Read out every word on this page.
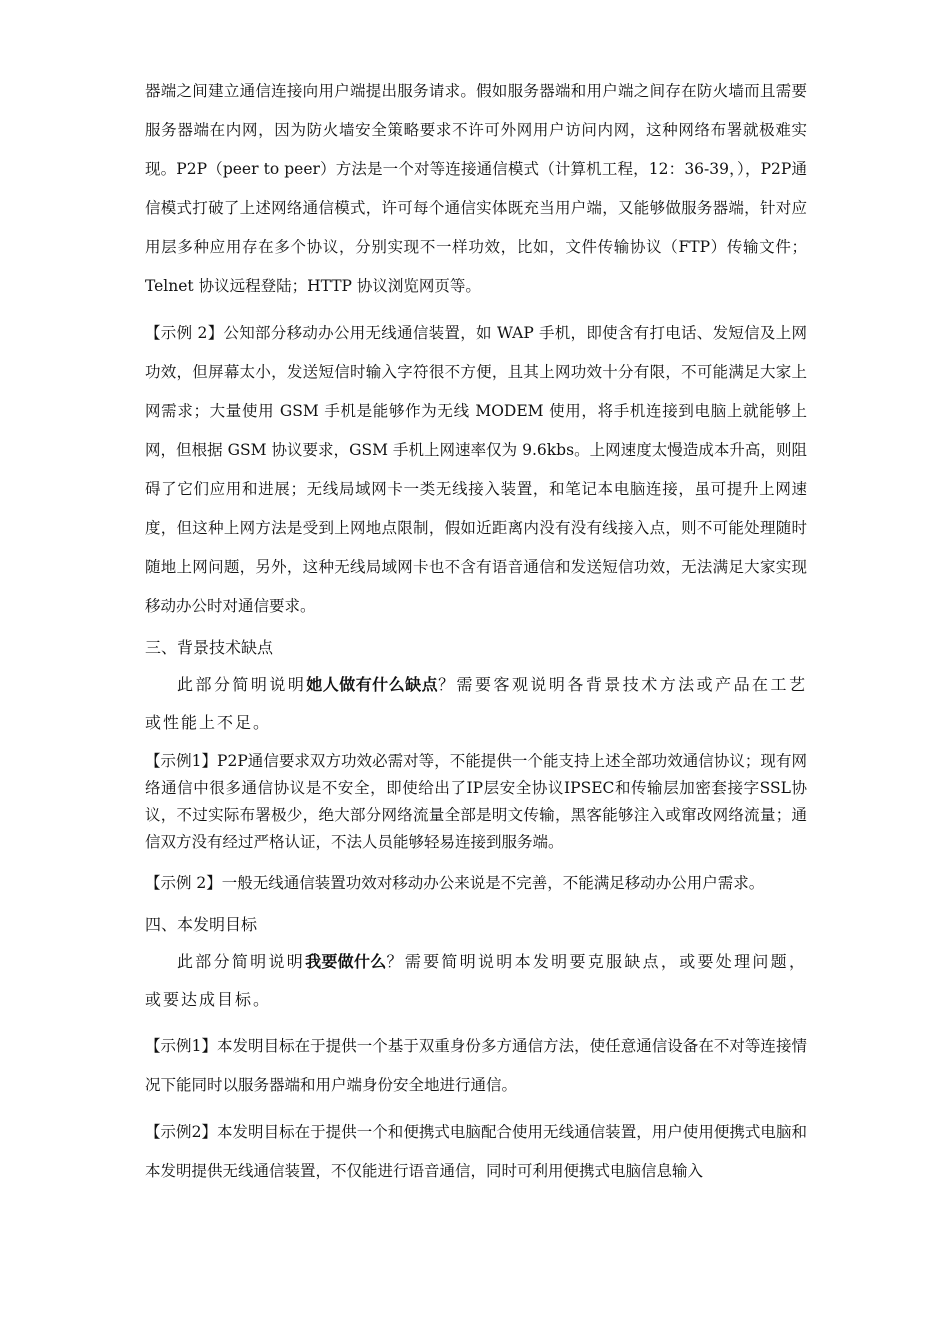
器端之间建立通信连接向用户端提出服务请求。假如服务器端和用户端之间存在防火墙而且需要服务器端在内网，因为防火墙安全策略要求不许可外网用户访问内网，这种网络布署就极难实现。P2P（peer to peer）方法是一个对等连接通信模式（计算机工程，12：36-39，），P2P通信模式打破了上述网络通信模式，许可每个通信实体既充当用户端，又能够做服务器端，针对应用层多种应用存在多个协议，分别实现不一样功效，比如，文件传输协议（FTP）传输文件；Telnet 协议远程登陆；HTTP 协议浏览网页等。

【示例 2】公知部分移动办公用无线通信装置，如 WAP 手机，即使含有打电话、发短信及上网功效，但屏幕太小，发送短信时输入字符很不方便，且其上网功效十分有限，不可能满足大家上网需求；大量使用 GSM 手机是能够作为无线 MODEM 使用，将手机连接到电脑上就能够上网，但根据 GSM 协议要求，GSM 手机上网速率仅为 9.6kbs。上网速度太慢造成本升高，则阻碍了它们应用和进展；无线局域网卡一类无线接入装置，和笔记本电脑连接，虽可提升上网速度，但这种上网方法是受到上网地点限制，假如近距离内没有没有线接入点，则不可能处理随时随地上网问题，另外，这种无线局域网卡也不含有语音通信和发送短信功效，无法满足大家实现移动办公时对通信要求。

三、背景技术缺点

此部分简明说明她人做有什么缺点？需要客观说明各背景技术方法或产品在工艺或性能上不足。

【示例1】P2P通信要求双方功效必需对等，不能提供一个能支持上述全部功效通信协议；现有网络通信中很多通信协议是不安全，即使给出了IP层安全协议IPSEC和传输层加密套接字SSL协议，不过实际布署极少，绝大部分网络流量全部是明文传输，黑客能够注入或窜改网络流量；通信双方没有经过严格认证，不法人员能够轻易连接到服务端。

【示例 2】一般无线通信装置功效对移动办公来说是不完善，不能满足移动办公用户需求。

四、本发明目标

此部分简明说明我要做什么？需要简明说明本发明要克服缺点，或要处理问题，或要达成目标。

【示例1】本发明目标在于提供一个基于双重身份多方通信方法，使任意通信设备在不对等连接情况下能同时以服务器端和用户端身份安全地进行通信。

【示例2】本发明目标在于提供一个和便携式电脑配合使用无线通信装置，用户使用便携式电脑和本发明提供无线通信装置，不仅能进行语音通信，同时可利用便携式电脑信息输入
